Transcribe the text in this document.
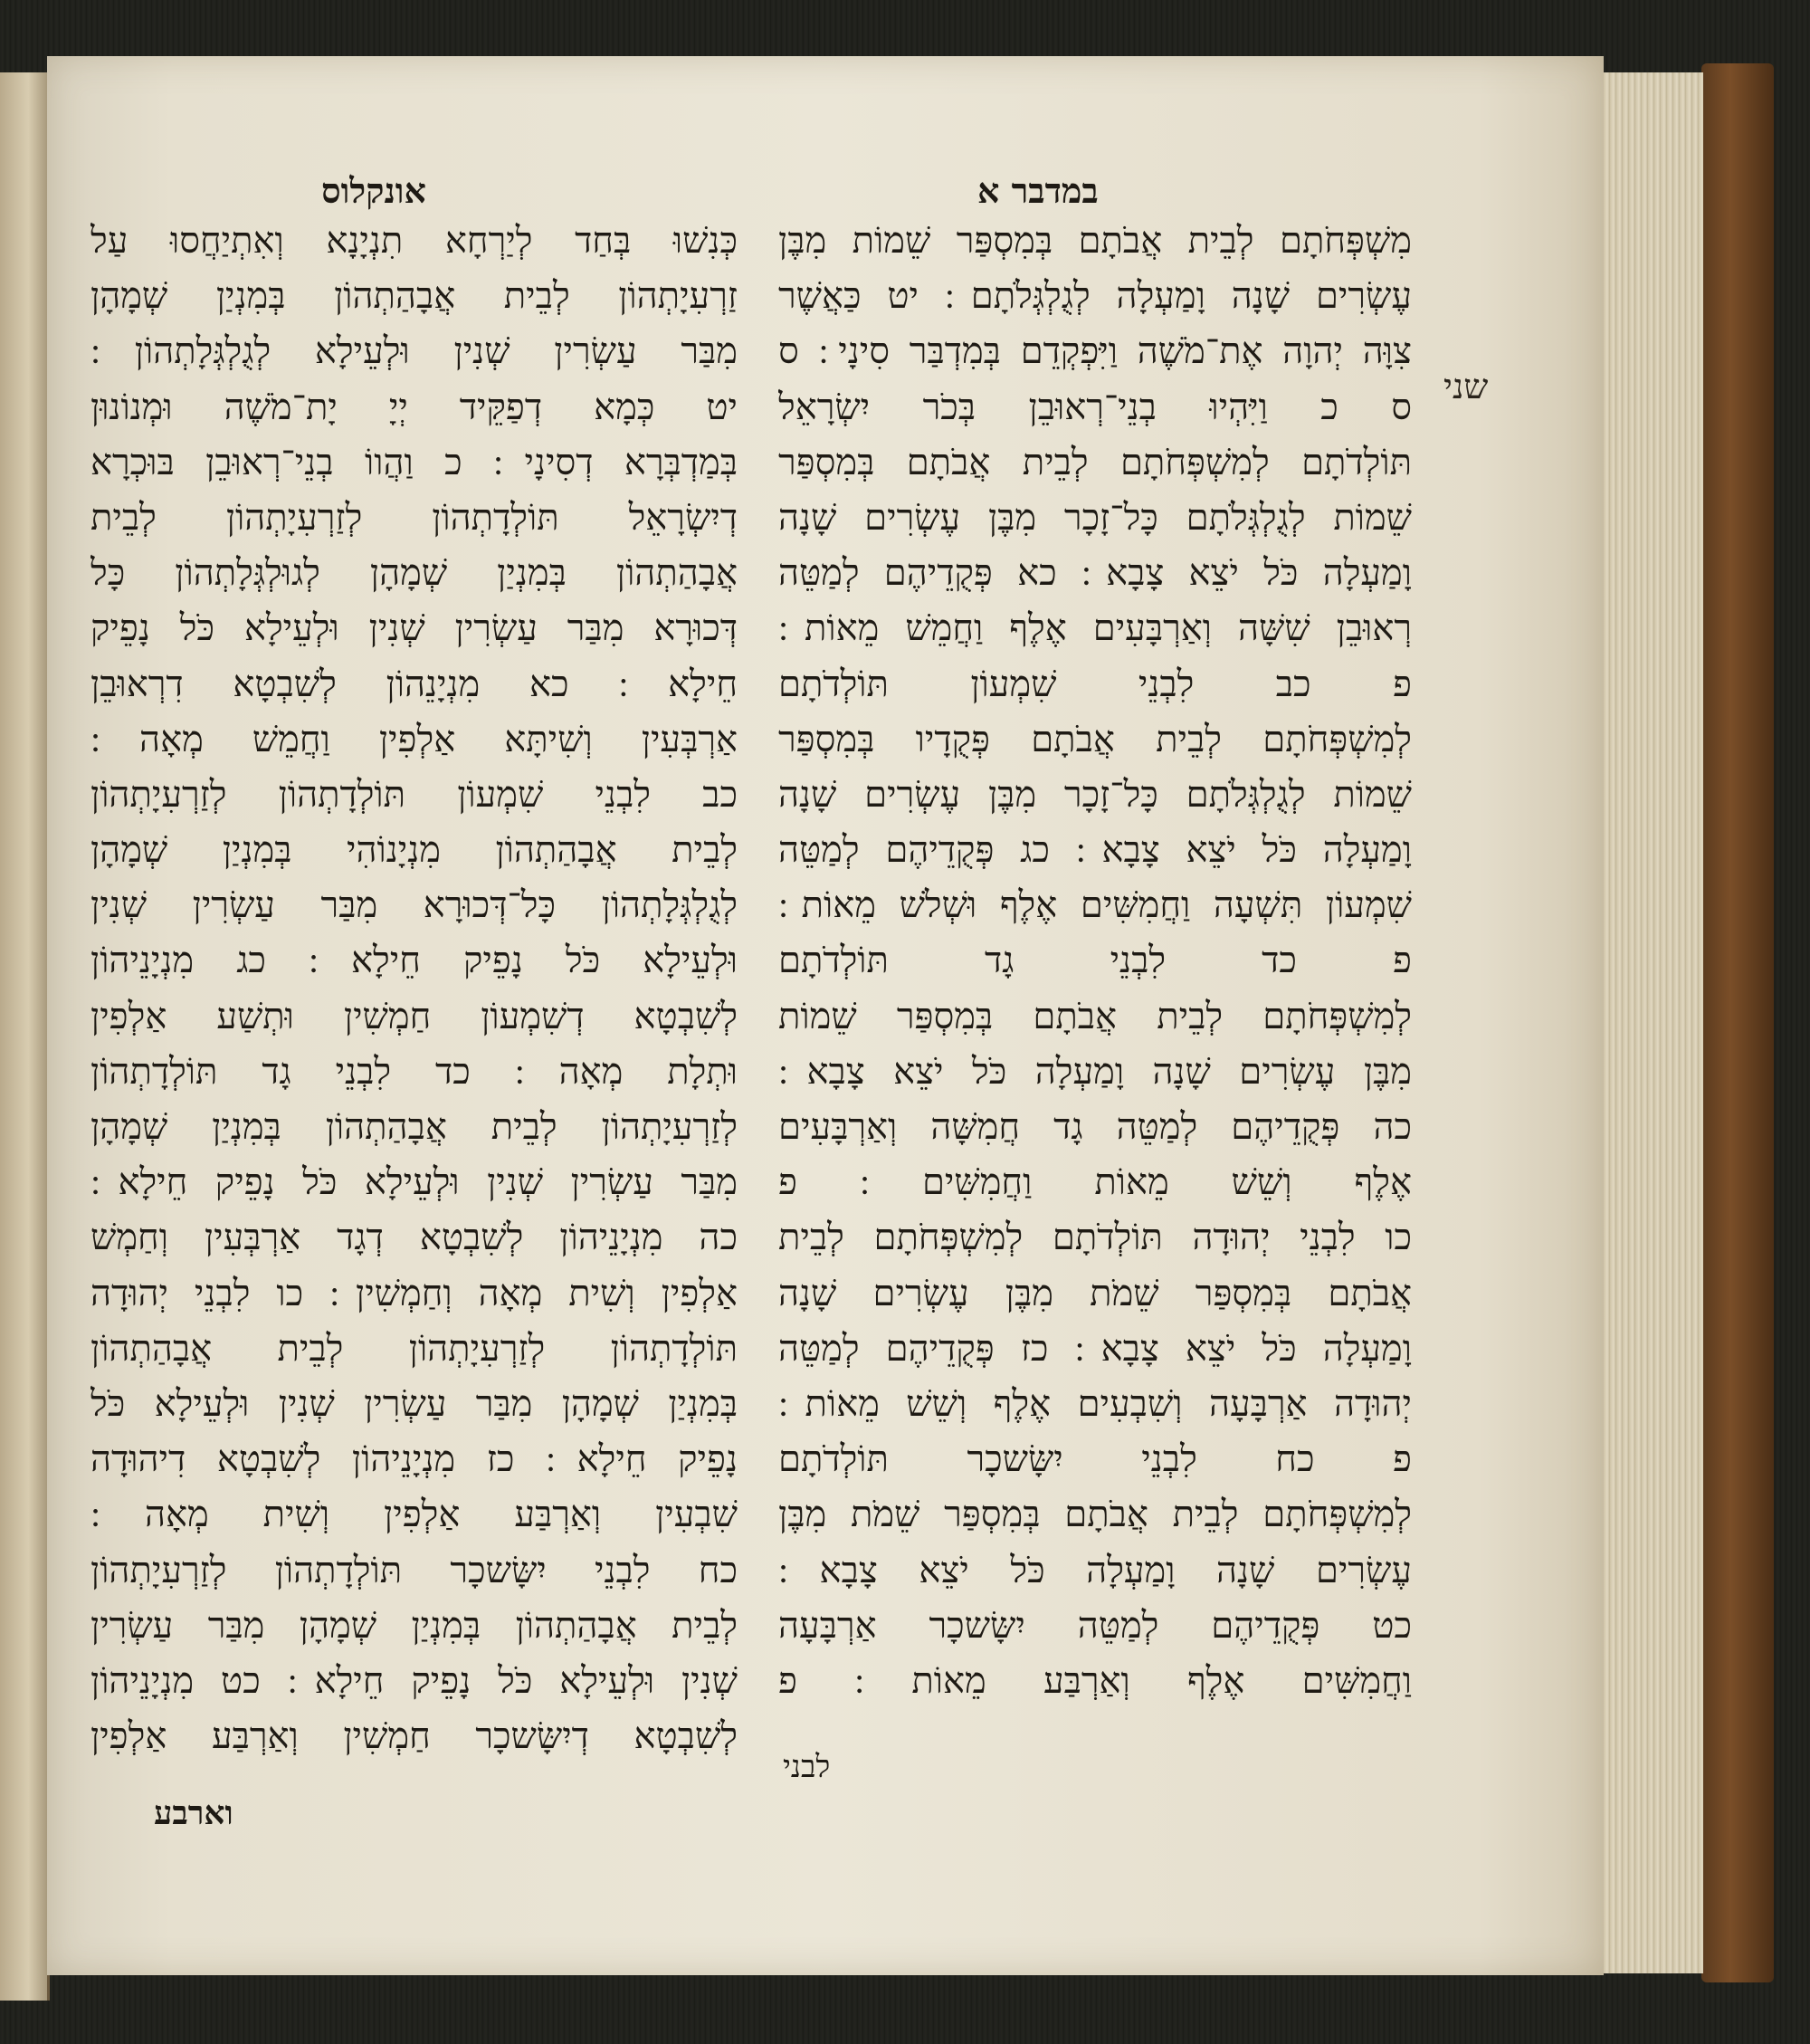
במדבר א
אונקלוס
שני
מִשְׁפְּחֹתָם לְבֵית אֲבֹתָם בְּמִסְפַּר שֵׁמוֹת מִבֶּן
עֶשְׂרִים שָׁנָה וָמַעְלָה לְגֻלְגְּלֹתָם ׃ יט כַּאֲשֶׁר
צִוָּה יְהוָה אֶת־מֹשֶׁה וַיִּפְקְדֵם בְּמִדְבַּר סִינָי ׃ ס
ס כ וַיִּהְיוּ בְנֵי־רְאוּבֵן בְּכֹר יִשְׂרָאֵל
תּוֹלְדֹתָם לְמִשְׁפְּחֹתָם לְבֵית אֲבֹתָם בְּמִסְפַּר
שֵׁמוֹת לְגֻלְגְּלֹתָם כָּל־זָכָר מִבֶּן עֶשְׂרִים שָׁנָה
וָמַעְלָה כֹּל יֹצֵא צָבָא ׃ כא פְּקֻדֵיהֶם לְמַטֵּה
רְאוּבֵן שִׁשָּׁה וְאַרְבָּעִים אֶלֶף וַחֲמֵשׁ מֵאוֹת ׃
פ כב לִבְנֵי שִׁמְעוֹן תּוֹלְדֹתָם
לְמִשְׁפְּחֹתָם לְבֵית אֲבֹתָם פְּקֻדָיו בְּמִסְפַּר
שֵׁמוֹת לְגֻלְגְּלֹתָם כָּל־זָכָר מִבֶּן עֶשְׂרִים שָׁנָה
וָמַעְלָה כֹּל יֹצֵא צָבָא ׃ כג פְּקֻדֵיהֶם לְמַטֵּה
שִׁמְעוֹן תִּשְׁעָה וַחֲמִשִּׁים אֶלֶף וּשְׁלֹשׁ מֵאוֹת ׃
פ כד לִבְנֵי גָד תּוֹלְדֹתָם
לְמִשְׁפְּחֹתָם לְבֵית אֲבֹתָם בְּמִסְפַּר שֵׁמוֹת
מִבֶּן עֶשְׂרִים שָׁנָה וָמַעְלָה כֹּל יֹצֵא צָבָא ׃
כה פְּקֻדֵיהֶם לְמַטֵּה גָד חֲמִשָּׁה וְאַרְבָּעִים
אֶלֶף וְשֵׁשׁ מֵאוֹת וַחֲמִשִּׁים ׃ פ
כו לִבְנֵי יְהוּדָה תּוֹלְדֹתָם לְמִשְׁפְּחֹתָם לְבֵית
אֲבֹתָם בְּמִסְפַּר שֵׁמֹת מִבֶּן עֶשְׂרִים שָׁנָה
וָמַעְלָה כֹּל יֹצֵא צָבָא ׃ כז פְּקֻדֵיהֶם לְמַטֵּה
יְהוּדָה אַרְבָּעָה וְשִׁבְעִים אֶלֶף וְשֵׁשׁ מֵאוֹת ׃
פ כח לִבְנֵי יִשָּׂשכָר תּוֹלְדֹתָם
לְמִשְׁפְּחֹתָם לְבֵית אֲבֹתָם בְּמִסְפַּר שֵׁמֹת מִבֶּן
עֶשְׂרִים שָׁנָה וָמַעְלָה כֹּל יֹצֵא צָבָא ׃
כט פְּקֻדֵיהֶם לְמַטֵּה יִשָּׂשכָר אַרְבָּעָה
וַחֲמִשִּׁים אֶלֶף וְאַרְבַּע מֵאוֹת ׃ פ
לבני
כְּנִשׁוּ בְּחַד לְיַרְחָא תִנְיָנָא וְאִתְיַחֲסוּ עַל
זַרְעִיָתְהוֹן לְבֵית אֲבָהַתְהוֹן בְּמִנְיַן שְׁמָהָן
מִבַּר עַשְׂרִין שְׁנִין וּלְעֵילָא לְגֻלְגְּלָתְהוֹן ׃
יט כְּמָא דְפַקֵּיד יְיָ יָת־מֹשֶׁה וּמְנוֹנוּן
בְּמַדְבְּרָא דְסִינָי ׃ כ וַהֲווֹ בְנֵי־רְאוּבֵן בּוּכְרָא
דְיִשְׂרָאֵל תּוֹלְדָתְהוֹן לְזַרְעִיָתְהוֹן לְבֵית
אֲבָהַתְהוֹן בְּמִנְיַן שְׁמָהָן לְגוּלְגְּלָתְהוֹן כָּל
דְּכוּרָא מִבַּר עַשְׂרִין שְׁנִין וּלְעֵילָא כֹּל נָפֵיק
חֵילָא ׃ כא מִנְיָנֵהוֹן לְשִׁבְטָא דִרְאוּבֵן
אַרְבְּעִין וְשִׁיתָּא אַלְפִין וַחֲמֵשׁ מְאָה ׃
כב לִבְנֵי שִׁמְעוֹן תּוֹלְדָתְהוֹן לְזַרְעִיָתְהוֹן
לְבֵית אֲבָהַתְהוֹן מִנְיָנוֹהִי בְּמִנְיַן שְׁמָהָן
לְגֻלְגְּלָתְהוֹן כָּל־דְּכוּרָא מִבַּר עַשְׂרִין שְׁנִין
וּלְעֵילָא כֹּל נָפֵיק חֵילָא ׃ כג מִנְיָנֵיהוֹן
לְשִׁבְטָא דְשִׁמְעוֹן חַמְשִׁין וּתְשַׁע אַלְפִין
וּתְלָת מְאָה ׃ כד לִבְנֵי גָד תּוֹלְדָתְהוֹן
לְזַרְעִיָתְהוֹן לְבֵית אֲבָהַתְהוֹן בְּמִנְיַן שְׁמָהָן
מִבַּר עַשְׂרִין שְׁנִין וּלְעֵילָא כֹּל נָפֵיק חֵילָא ׃
כה מִנְיָנֵיהוֹן לְשִׁבְטָא דְגָד אַרְבְּעִין וְחַמְשׁ
אַלְפִין וְשִׁית מְאָה וְחַמְשִׁין ׃ כו לִבְנֵי יְהוּדָה
תּוֹלְדָתְהוֹן לְזַרְעִיָתְהוֹן לְבֵית אֲבָהַתְהוֹן
בְּמִנְיַן שְׁמָהָן מִבַּר עַשְׂרִין שְׁנִין וּלְעֵילָא כֹּל
נָפֵיק חֵילָא ׃ כז מִנְיָנֵיהוֹן לְשִׁבְטָא דִיהוּדָה
שִׁבְעִין וְאַרְבַּע אַלְפִין וְשִׁית מְאָה ׃
כח לִבְנֵי יִשָּׂשכָר תּוֹלְדָתְהוֹן לְזַרְעִיָתְהוֹן
לְבֵית אֲבָהַתְהוֹן בְּמִנְיַן שְׁמָהָן מִבַּר עַשְׂרִין
שְׁנִין וּלְעֵילָא כֹּל נָפֵיק חֵילָא ׃ כט מִנְיָנֵיהוֹן
לְשִׁבְטָא דְיִשָּׂשכָר חַמְשִׁין וְאַרְבַּע אַלְפִין
וארבע
